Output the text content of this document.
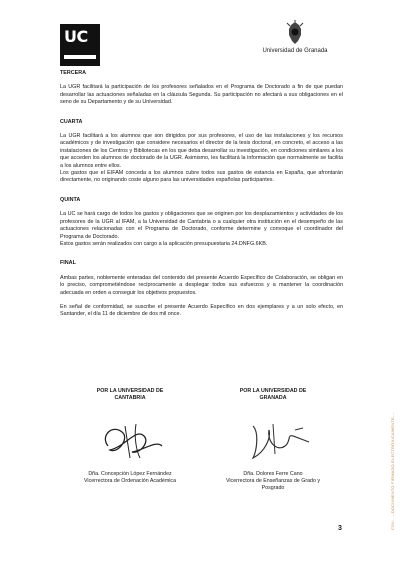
UC
Universidad de Granada

TERCERA

La UGR facilitará la participación de los profesores señalados en el Programa de Doctorado a fin de que puedan desarrollar las actuaciones señaladas en la cláusula Segunda. Su participación no afectará a sus obligaciones en el seno de su Departamento y de su Universidad.

CUARTA

La UGR facilitará a los alumnos que son dirigidos por sus profesores, el uso de las instalaciones y los recursos académicos y de investigación que considere necesarios el director de la tesis doctoral, en concreto, el acceso a las instalaciones de los Centros y Bibliotecas en los que deba desarrollar su investigación, en condiciones similares a los que acceden los alumnos de doctorado de la UGR. Asimismo, les facilitará la información que normalmente se facilita a los alumnos entre ellos.

Los gastos que el EIFAM conceda a los alumnos cubre todos sus gastos de estancia en España, que afrontarán directamente, no originando coste alguno para las universidades españolas participantes.

QUINTA

La UC se hará cargo de todos los gastos y obligaciones que se originen por los desplazamientos y actividades de los profesores de la UGR al IFAM, a la Universidad de Cantabria o a cualquier otra institución en el desempeño de las actuaciones relacionadas con el Programa de Doctorado, conforme determine y convoque el coordinador del Programa de Doctorado.

Estos gastos serán realizados con cargo a la aplicación presupuestaria 24.DNFG.6KB.

FINAL

Ambas partes, noblemente enteradas del contenido del presente Acuerdo Específico de Colaboración, se obligan en lo preciso, comprometiéndose recíprocamente a desplegar todos sus esfuerzos y a mantener la coordinación adecuada en orden a conseguir los objetivos propuestos.

En señal de conformidad, se suscribe el presente Acuerdo Específico en dos ejemplares y a un solo efecto, en Santander, el día 11 de diciembre de dos mil once.

POR LA UNIVERSIDAD DE
CANTABRIA
Dña. Concepción López Fernández
Vicerrectora de Ordenación Académica
POR LA UNIVERSIDAD DE
GRANADA
Dña. Dolores Ferre Cano
Vicerrectora de Enseñanzas de Grado y
Posgrado
3	CSV: ...-DOCUMENTO FIRMADO ELECTRÓNICAMENTE-...
